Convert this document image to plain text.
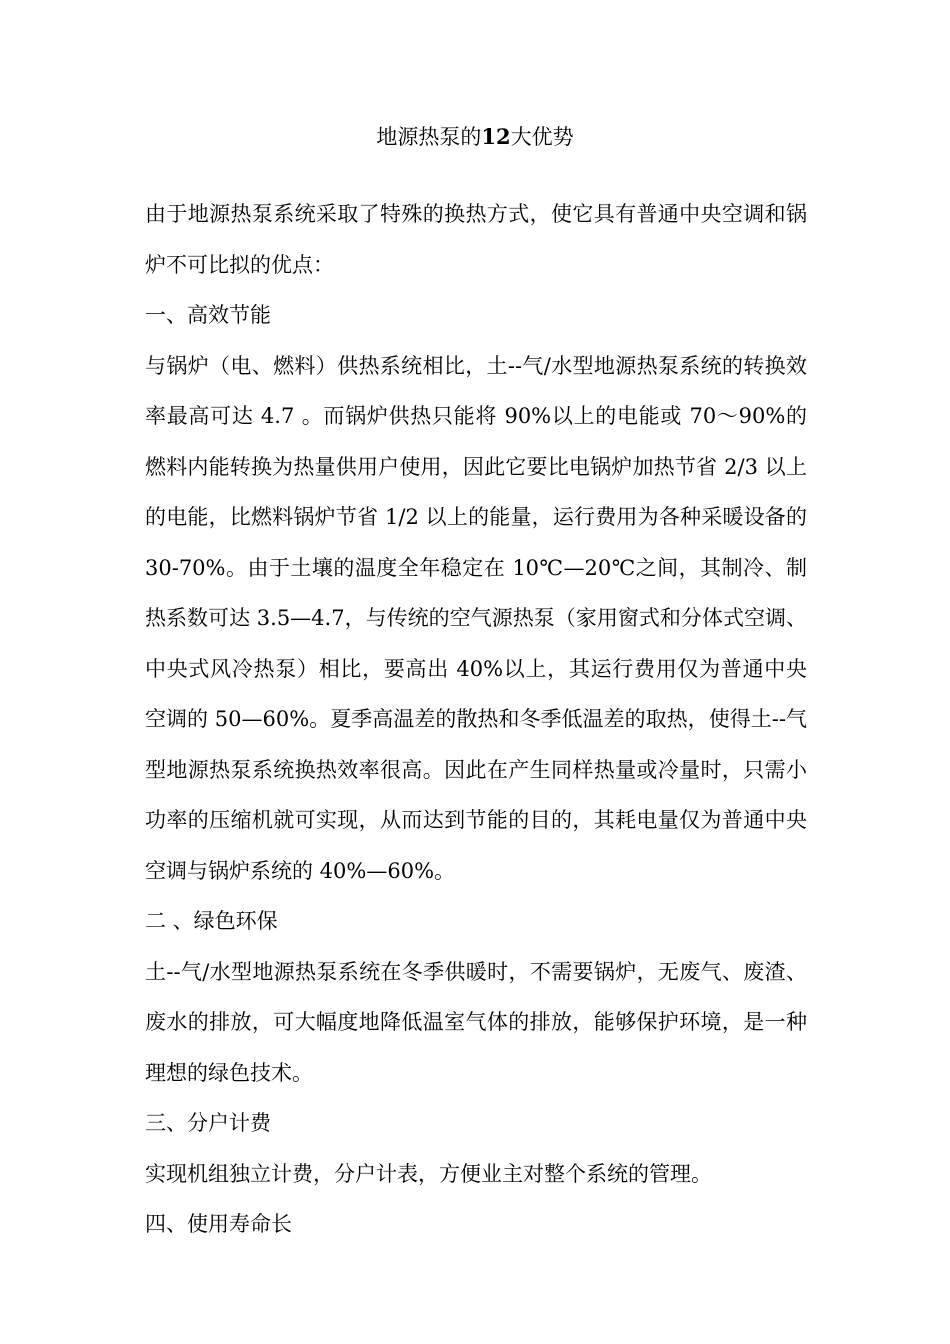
地源热泵的12大优势

由于地源热泵系统采取了特殊的换热方式，使它具有普通中央空调和锅炉不可比拟的优点：

一、高效节能

与锅炉（电、燃料）供热系统相比，土--气/水型地源热泵系统的转换效率最高可达 4.7 。而锅炉供热只能将 90%以上的电能或 70～90%的燃料内能转换为热量供用户使用，因此它要比电锅炉加热节省 2/3 以上的电能，比燃料锅炉节省 1/2 以上的能量，运行费用为各种采暖设备的 30-70%。由于土壤的温度全年稳定在 10℃—20℃之间，其制冷、制热系数可达 3.5—4.7，与传统的空气源热泵（家用窗式和分体式空调、中央式风冷热泵）相比，要高出 40%以上，其运行费用仅为普通中央空调的 50—60%。夏季高温差的散热和冬季低温差的取热，使得土--气型地源热泵系统换热效率很高。因此在产生同样热量或冷量时，只需小功率的压缩机就可实现，从而达到节能的目的，其耗电量仅为普通中央空调与锅炉系统的 40%—60%。

二 、绿色环保

土--气/水型地源热泵系统在冬季供暖时，不需要锅炉，无废气、废渣、废水的排放，可大幅度地降低温室气体的排放，能够保护环境，是一种理想的绿色技术。

三、分户计费

实现机组独立计费，分户计表，方便业主对整个系统的管理。

四、使用寿命长
